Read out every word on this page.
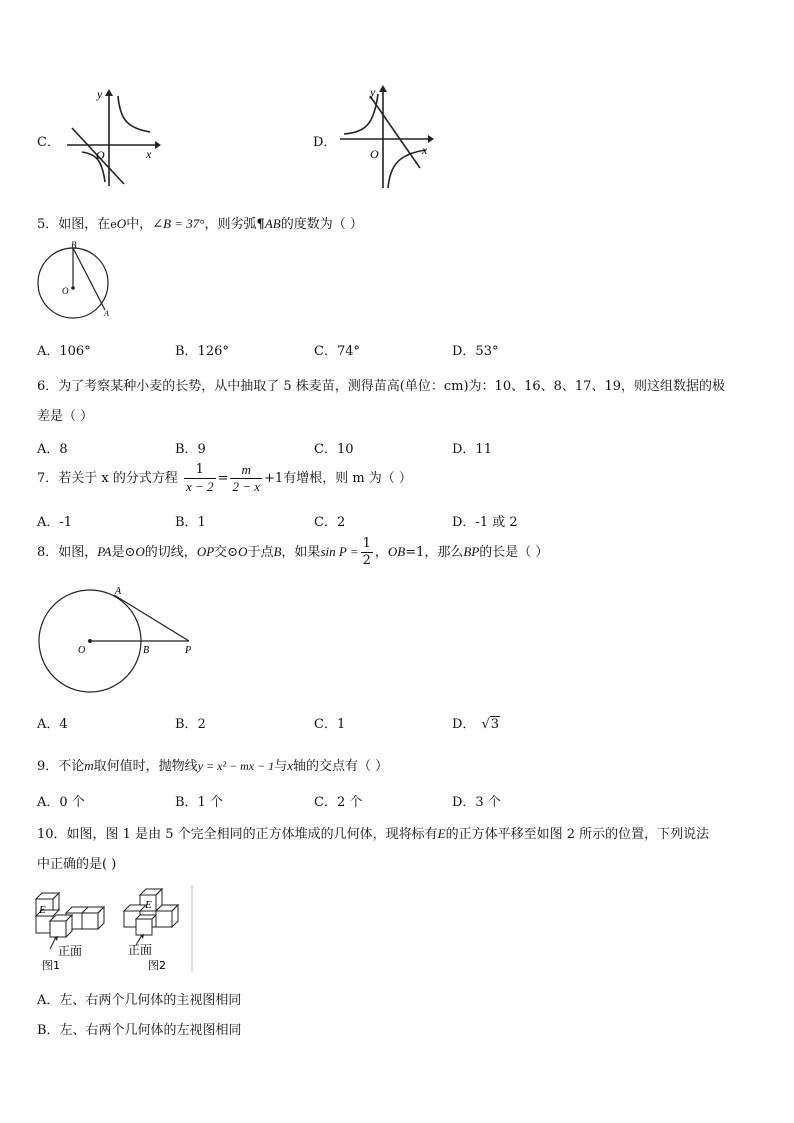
C．
y
x
O
D．
y
x
O
5．如图，在eO中，∠B = 37°，则劣弧¶AB的度数为（ ）
B
O
A
A．106°	B．126°	C．74°	D．53°
6．为了考察某种小麦的长势，从中抽取了 5 株麦苗，测得苗高(单位：cm)为：10、16、8、17、19，则这组数据的极
差是（ ）
A．8	B．9	C．10	D．11
7．若关于 x 的分式方程 $\frac{1}{x - 2} = \frac{m}{2 - x} +1$有增根，则 m 为（ ）
A．-1	B．1	C．2	D．-1 或 2
8．如图，PA是⊙O的切线，OP交⊙O于点B，如果$\sin P = \frac{1}{2}$ ，OB=1，那么BP的长是（ ）
A
O	B	P
A．4	B．2	C．1	D． √3
9．不论m取何值时，抛物线y = x² − mx − 1与x轴的交点有（ ）
A．0 个	B．1 个	C．2 个	D．3 个
10．如图，图 1 是由 5 个完全相同的正方体堆成的几何体，现将标有E的正方体平移至如图 2 所示的位置，下列说法
中正确的是( )
E
正面
图1
E
正面
图2
A．左、右两个几何体的主视图相同
B．左、右两个几何体的左视图相同
